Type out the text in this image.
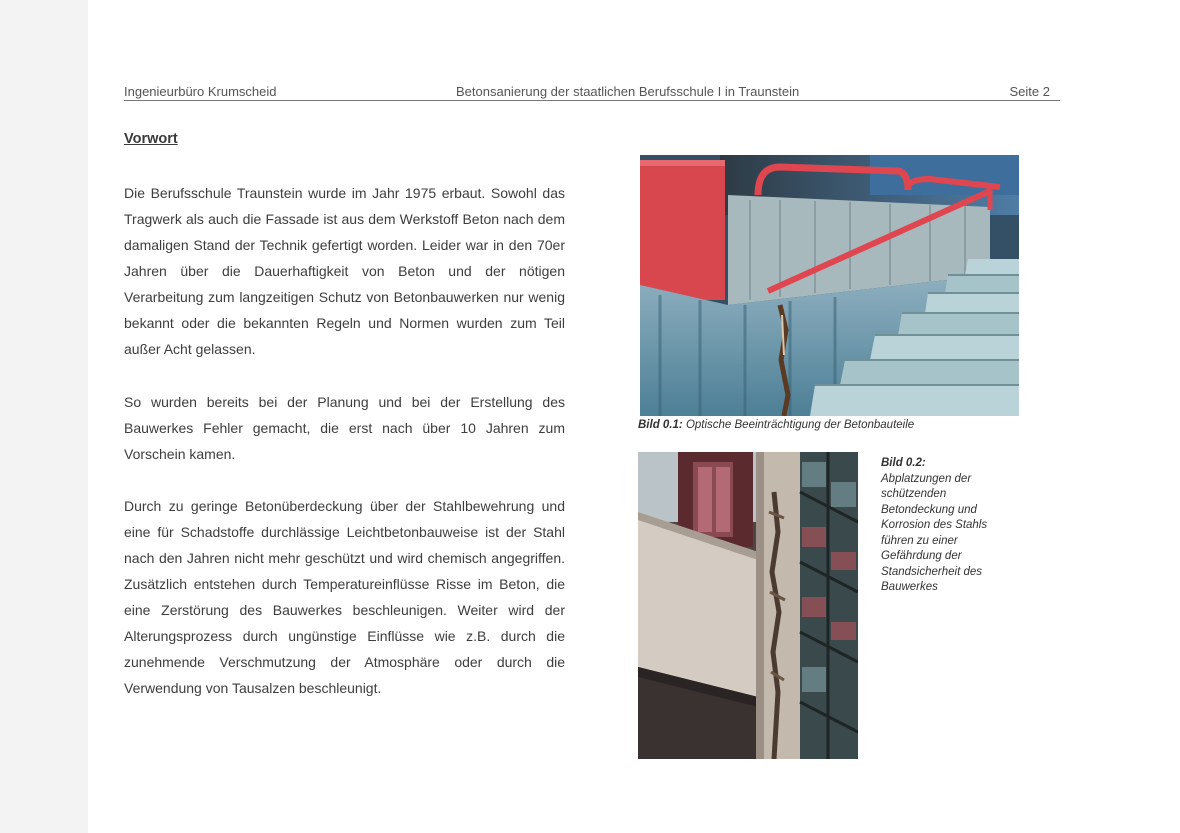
Ingenieurbüro Krumscheid	Betonsanierung der staatlichen Berufsschule I in Traunstein	Seite 2
Vorwort
Die Berufsschule Traunstein wurde im Jahr 1975 erbaut. Sowohl das Tragwerk als auch die Fassade ist aus dem Werkstoff Beton nach dem damaligen Stand der Technik gefertigt worden. Leider war in den 70er Jahren über die Dauerhaftigkeit von Beton und der nötigen Verarbeitung zum langzeitigen Schutz von Betonbauwerken nur wenig bekannt oder die bekannten Regeln und Normen wurden zum Teil außer Acht gelassen.
So wurden bereits bei der Planung und bei der Erstellung des Bauwerkes Fehler gemacht, die erst nach über 10 Jahren zum Vorschein kamen.
Durch zu geringe Betonüberdeckung über der Stahlbewehrung und eine für Schadstoffe durchlässige Leichtbetonbauweise ist der Stahl nach den Jahren nicht mehr geschützt und wird chemisch angegriffen. Zusätzlich entstehen durch Temperatureinflüsse Risse im Beton, die eine Zerstörung des Bauwerkes beschleunigen. Weiter wird der Alterungsprozess durch ungünstige Einflüsse wie z.B. durch die zunehmende Verschmutzung der Atmosphäre oder durch die Verwendung von Tausalzen beschleunigt.
Bild 0.1: Optische Beeinträchtigung der Betonbauteile
Bild 0.2:
Abplatzungen der schützenden Betondeckung und Korrosion des Stahls führen zu einer Gefährdung der Standsicherheit des Bauwerkes
